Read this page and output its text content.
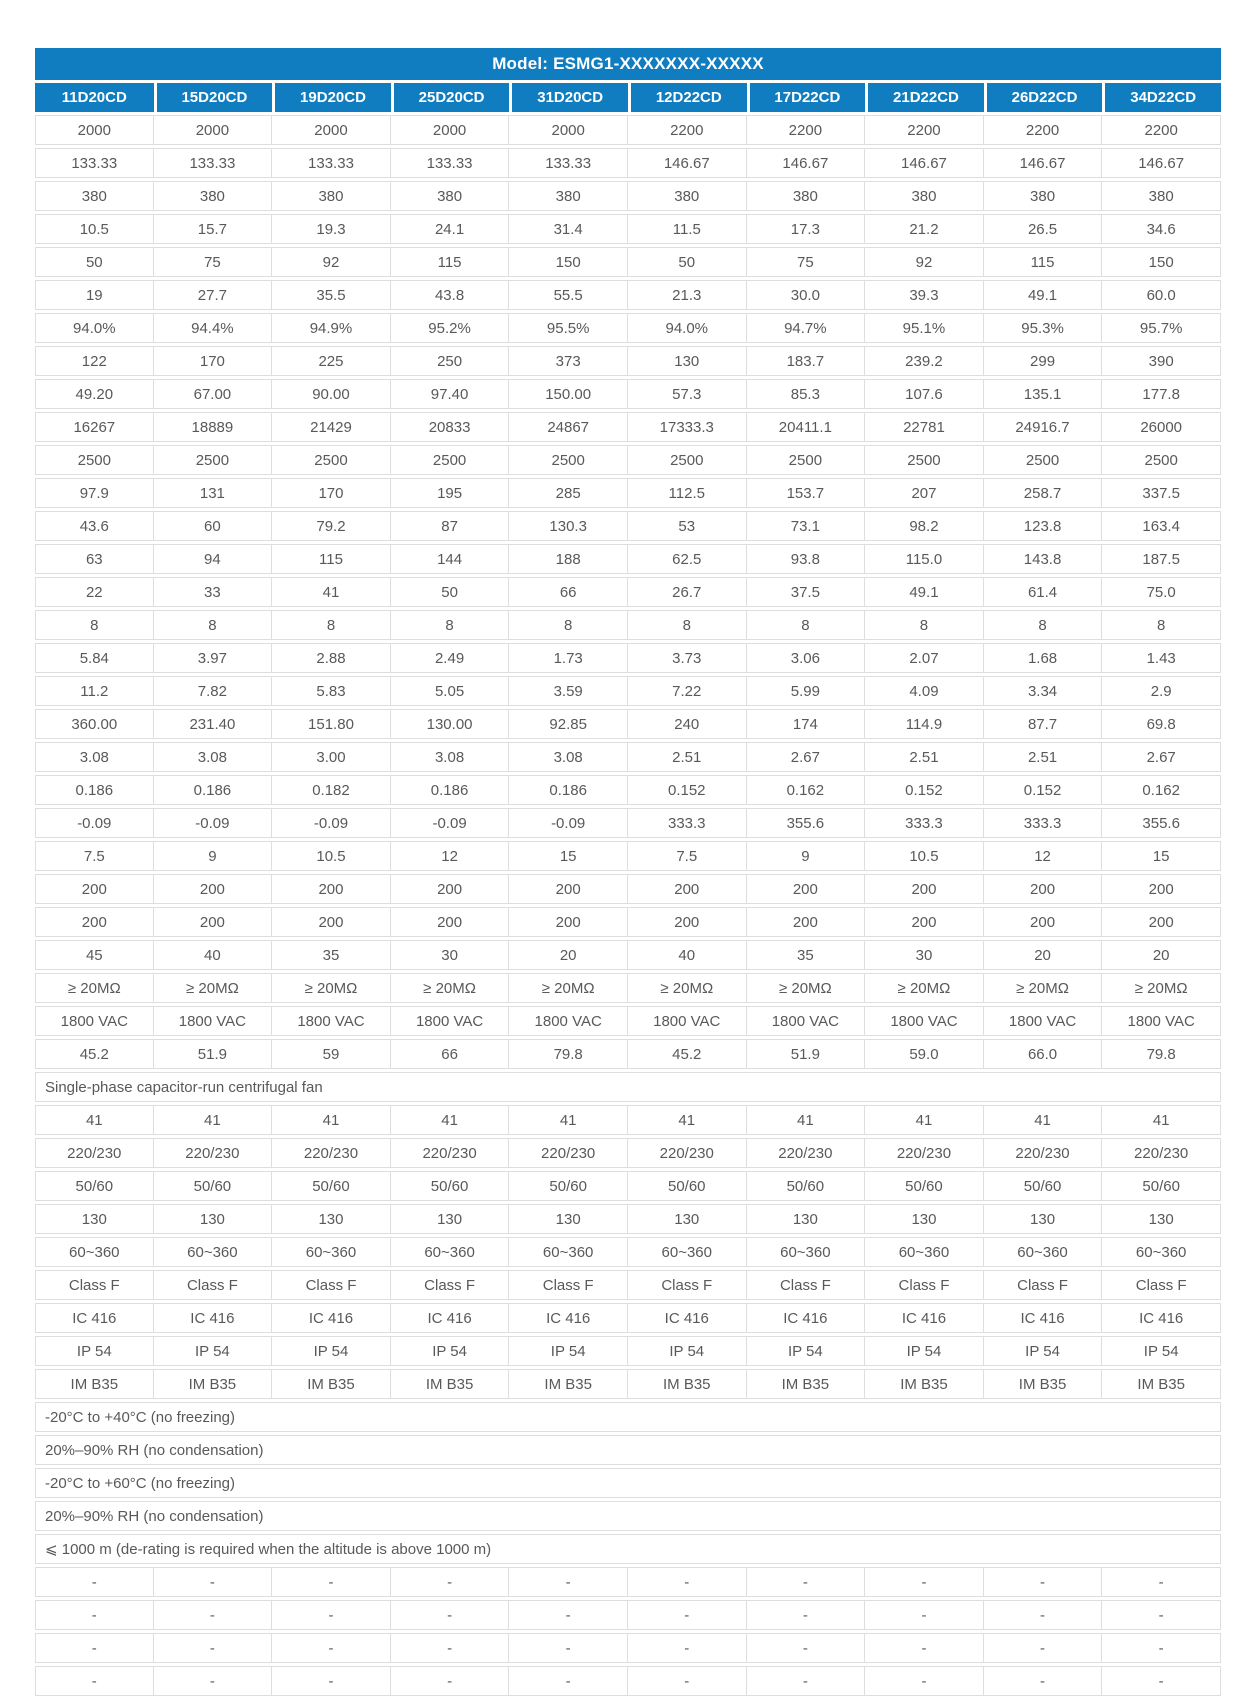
Model: ESMG1-XXXXXXX-XXXXX									
11D20CD	15D20CD	19D20CD	25D20CD	31D20CD	12D22CD	17D22CD	21D22CD	26D22CD	34D22CD
2000	2000	2000	2000	2000	2200	2200	2200	2200	2200
133.33	133.33	133.33	133.33	133.33	146.67	146.67	146.67	146.67	146.67
380	380	380	380	380	380	380	380	380	380
10.5	15.7	19.3	24.1	31.4	11.5	17.3	21.2	26.5	34.6
50	75	92	115	150	50	75	92	115	150
19	27.7	35.5	43.8	55.5	21.3	30.0	39.3	49.1	60.0
94.0%	94.4%	94.9%	95.2%	95.5%	94.0%	94.7%	95.1%	95.3%	95.7%
122	170	225	250	373	130	183.7	239.2	299	390
49.20	67.00	90.00	97.40	150.00	57.3	85.3	107.6	135.1	177.8
16267	18889	21429	20833	24867	17333.3	20411.1	22781	24916.7	26000
2500	2500	2500	2500	2500	2500	2500	2500	2500	2500
97.9	131	170	195	285	112.5	153.7	207	258.7	337.5
43.6	60	79.2	87	130.3	53	73.1	98.2	123.8	163.4
63	94	115	144	188	62.5	93.8	115.0	143.8	187.5
22	33	41	50	66	26.7	37.5	49.1	61.4	75.0
8	8	8	8	8	8	8	8	8	8
5.84	3.97	2.88	2.49	1.73	3.73	3.06	2.07	1.68	1.43
11.2	7.82	5.83	5.05	3.59	7.22	5.99	4.09	3.34	2.9
360.00	231.40	151.80	130.00	92.85	240	174	114.9	87.7	69.8
3.08	3.08	3.00	3.08	3.08	2.51	2.67	2.51	2.51	2.67
0.186	0.186	0.182	0.186	0.186	0.152	0.162	0.152	0.152	0.162
-0.09	-0.09	-0.09	-0.09	-0.09	333.3	355.6	333.3	333.3	355.6
7.5	9	10.5	12	15	7.5	9	10.5	12	15
200	200	200	200	200	200	200	200	200	200
200	200	200	200	200	200	200	200	200	200
45	40	35	30	20	40	35	30	20	20
≥ 20MΩ	≥ 20MΩ	≥ 20MΩ	≥ 20MΩ	≥ 20MΩ	≥ 20MΩ	≥ 20MΩ	≥ 20MΩ	≥ 20MΩ	≥ 20MΩ
1800 VAC	1800 VAC	1800 VAC	1800 VAC	1800 VAC	1800 VAC	1800 VAC	1800 VAC	1800 VAC	1800 VAC
45.2	51.9	59	66	79.8	45.2	51.9	59.0	66.0	79.8
Single-phase capacitor-run centrifugal fan									
41	41	41	41	41	41	41	41	41	41
220/230	220/230	220/230	220/230	220/230	220/230	220/230	220/230	220/230	220/230
50/60	50/60	50/60	50/60	50/60	50/60	50/60	50/60	50/60	50/60
130	130	130	130	130	130	130	130	130	130
60~360	60~360	60~360	60~360	60~360	60~360	60~360	60~360	60~360	60~360
Class F	Class F	Class F	Class F	Class F	Class F	Class F	Class F	Class F	Class F
IC 416	IC 416	IC 416	IC 416	IC 416	IC 416	IC 416	IC 416	IC 416	IC 416
IP 54	IP 54	IP 54	IP 54	IP 54	IP 54	IP 54	IP 54	IP 54	IP 54
IM B35	IM B35	IM B35	IM B35	IM B35	IM B35	IM B35	IM B35	IM B35	IM B35
-20°C to +40°C (no freezing)									
20%–90% RH (no condensation)									
-20°C to +60°C (no freezing)									
20%–90% RH (no condensation)									
⩽ 1000 m (de-rating is required when the altitude is above 1000 m)									
-	-	-	-	-	-	-	-	-	-
-	-	-	-	-	-	-	-	-	-
-	-	-	-	-	-	-	-	-	-
-	-	-	-	-	-	-	-	-	-
